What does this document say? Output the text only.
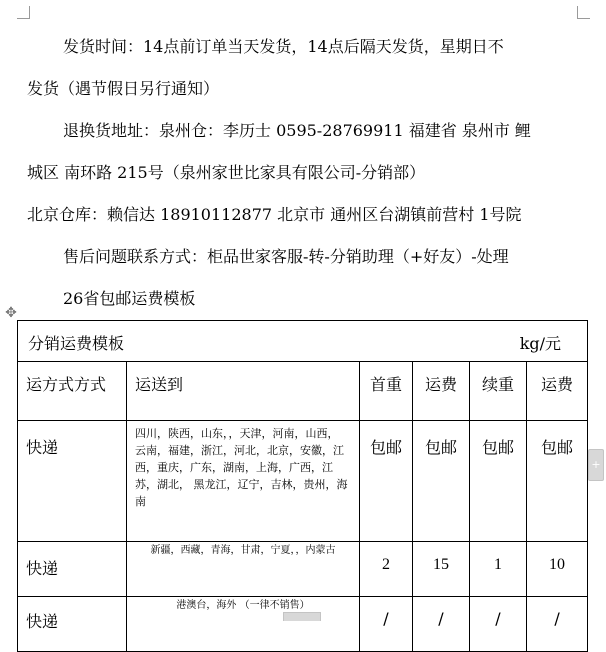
发货时间：14点前订单当天发货，14点后隔天发货，星期日不
发货（遇节假日另行通知）
退换货地址：泉州仓：李历士 0595-28769911 福建省 泉州市 鲤
城区 南环路 215号（泉州家世比家具有限公司-分销部）
北京仓库：赖信达 18910112877 北京市 通州区台湖镇前营村 1号院
售后问题联系方式：柜品世家客服-转-分销助理（+好友）-处理
26省包邮运费模板
✥
分销运费模板 kg/元					

运方式方式	运送到	首重	运费	续重	运费

快递	四川，陕西，山东，，天津，河南，山西，云南，福建，浙江，河北，北京，安徽，江西，重庆，广东，湖南，上海，广西，江苏，湖北， 黑龙江，辽宁，吉林，贵州，海南	包邮	包邮	包邮	包邮
快递	新疆，西藏，青海，甘肃，宁夏，，内蒙古	2	15	1	10
快递	港澳台，海外 （一律不销售）	/	/	/	/
+
